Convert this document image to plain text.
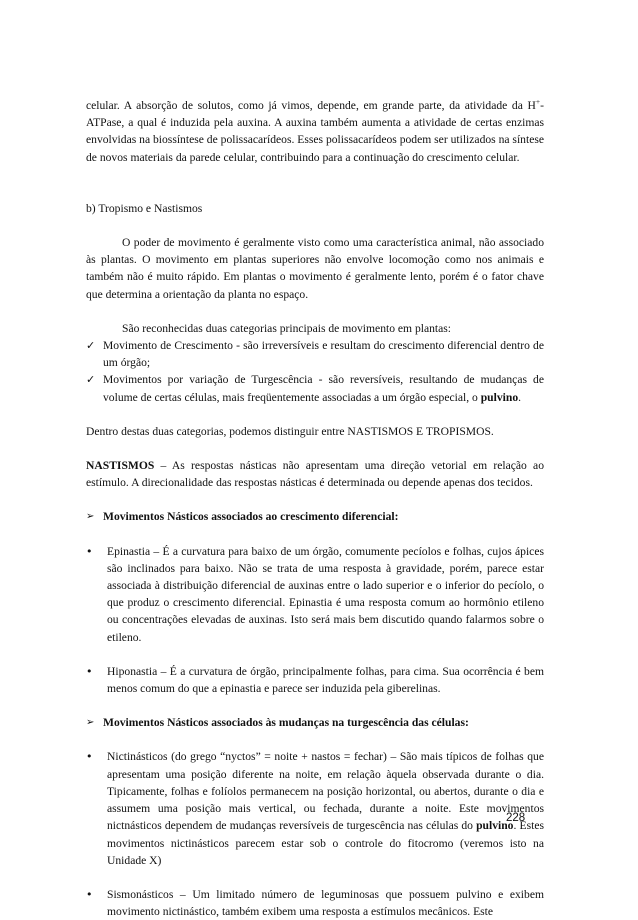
celular. A absorção de solutos, como já vimos, depende, em grande parte, da atividade da H+-ATPase, a qual é induzida pela auxina. A auxina também aumenta a atividade de certas enzimas envolvidas na biossíntese de polissacarídeos. Esses polissacarídeos podem ser utilizados na síntese de novos materiais da parede celular, contribuindo para a continuação do crescimento celular.

b) Tropismo e Nastismos

O poder de movimento é geralmente visto como uma característica animal, não associado às plantas. O movimento em plantas superiores não envolve locomoção como nos animais e também não é muito rápido. Em plantas o movimento é geralmente lento, porém é o fator chave que determina a orientação da planta no espaço.

São reconhecidas duas categorias principais de movimento em plantas:

✓ Movimento de Crescimento - são irreversíveis e resultam do crescimento diferencial dentro de um órgão;
✓ Movimentos por variação de Turgescência - são reversíveis, resultando de mudanças de volume de certas células, mais freqüentemente associadas a um órgão especial, o pulvino.

Dentro destas duas categorias, podemos distinguir entre NASTISMOS E TROPISMOS.

NASTISMOS – As respostas násticas não apresentam uma direção vetorial em relação ao estímulo. A direcionalidade das respostas násticas é determinada ou depende apenas dos tecidos.

➢ Movimentos Násticos associados ao crescimento diferencial:
• Epinastia – É a curvatura para baixo de um órgão, comumente pecíolos e folhas, cujos ápices são inclinados para baixo. Não se trata de uma resposta à gravidade, porém, parece estar associada à distribuição diferencial de auxinas entre o lado superior e o inferior do pecíolo, o que produz o crescimento diferencial. Epinastia é uma resposta comum ao hormônio etileno ou concentrações elevadas de auxinas. Isto será mais bem discutido quando falarmos sobre o etileno.
• Hiponastia – É a curvatura de órgão, principalmente folhas, para cima. Sua ocorrência é bem menos comum do que a epinastia e parece ser induzida pela giberelinas.
➢ Movimentos Násticos associados às mudanças na turgescência das células:
• Nictinásticos (do grego “nyctos” = noite + nastos = fechar) – São mais típicos de folhas que apresentam uma posição diferente na noite, em relação àquela observada durante o dia. Tipicamente, folhas e folíolos permanecem na posição horizontal, ou abertos, durante o dia e assumem uma posição mais vertical, ou fechada, durante a noite. Este movimentos nictnásticos dependem de mudanças reversíveis de turgescência nas células do pulvino. Estes movimentos nictinásticos parecem estar sob o controle do fitocromo (veremos isto na Unidade X)
• Sismonásticos – Um limitado número de leguminosas que possuem pulvino e exibem movimento nictinástico, também exibem uma resposta a estímulos mecânicos. Este
228
